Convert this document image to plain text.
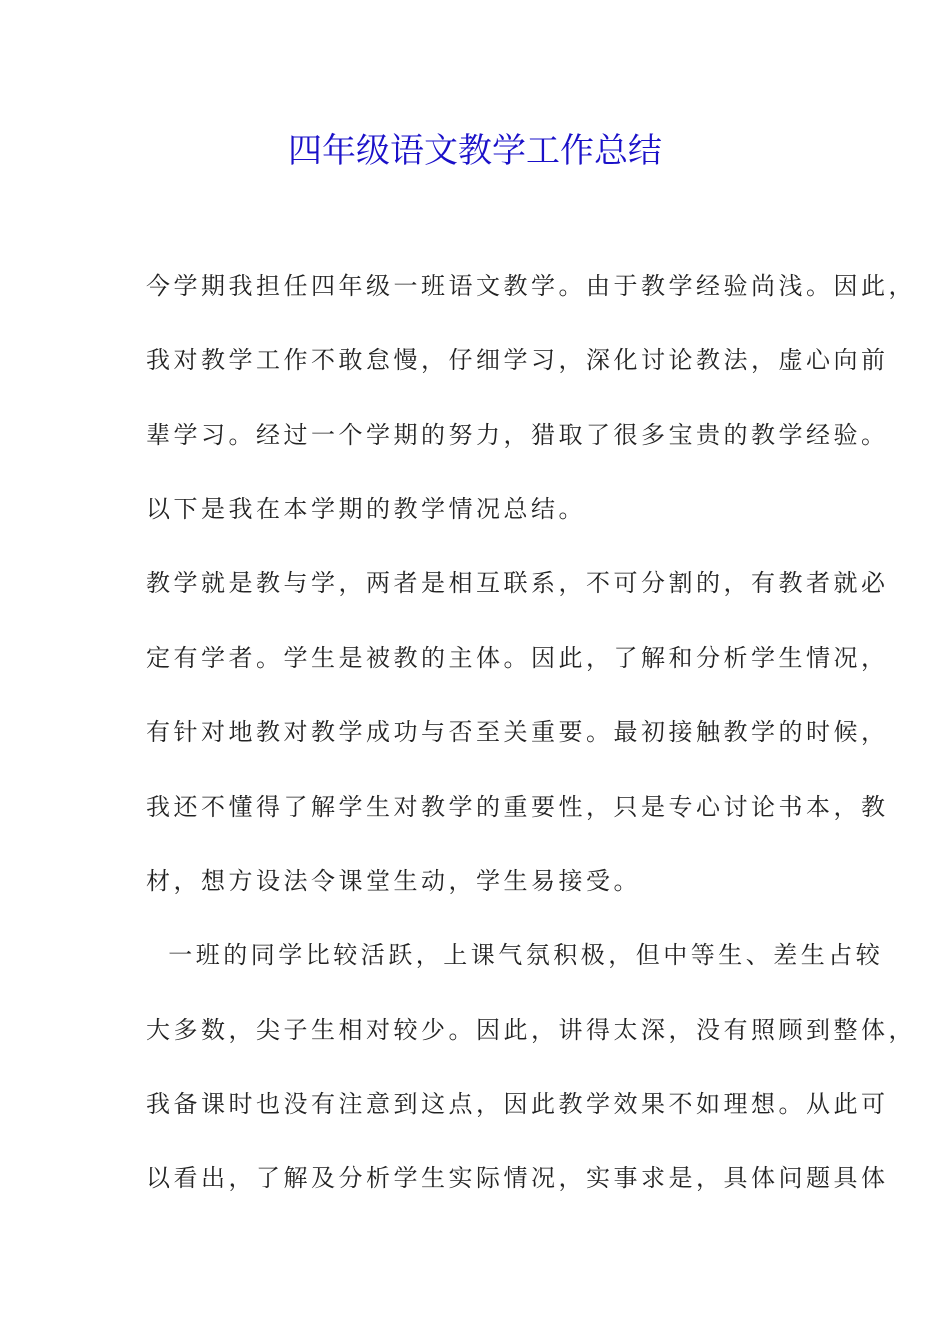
四年级语文教学工作总结

今学期我担任四年级一班语文教学。由于教学经验尚浅。因此，

我对教学工作不敢怠慢，仔细学习，深化讨论教法，虚心向前

辈学习。经过一个学期的努力，猎取了很多宝贵的教学经验。

以下是我在本学期的教学情况总结。

教学就是教与学，两者是相互联系，不可分割的，有教者就必

定有学者。学生是被教的主体。因此，了解和分析学生情况，

有针对地教对教学成功与否至关重要。最初接触教学的时候，

我还不懂得了解学生对教学的重要性，只是专心讨论书本，教

材，想方设法令课堂生动，学生易接受。

一班的同学比较活跃，上课气氛积极，但中等生、差生占较

大多数，尖子生相对较少。因此，讲得太深，没有照顾到整体，

我备课时也没有注意到这点，因此教学效果不如理想。从此可

以看出，了解及分析学生实际情况，实事求是，具体问题具体
